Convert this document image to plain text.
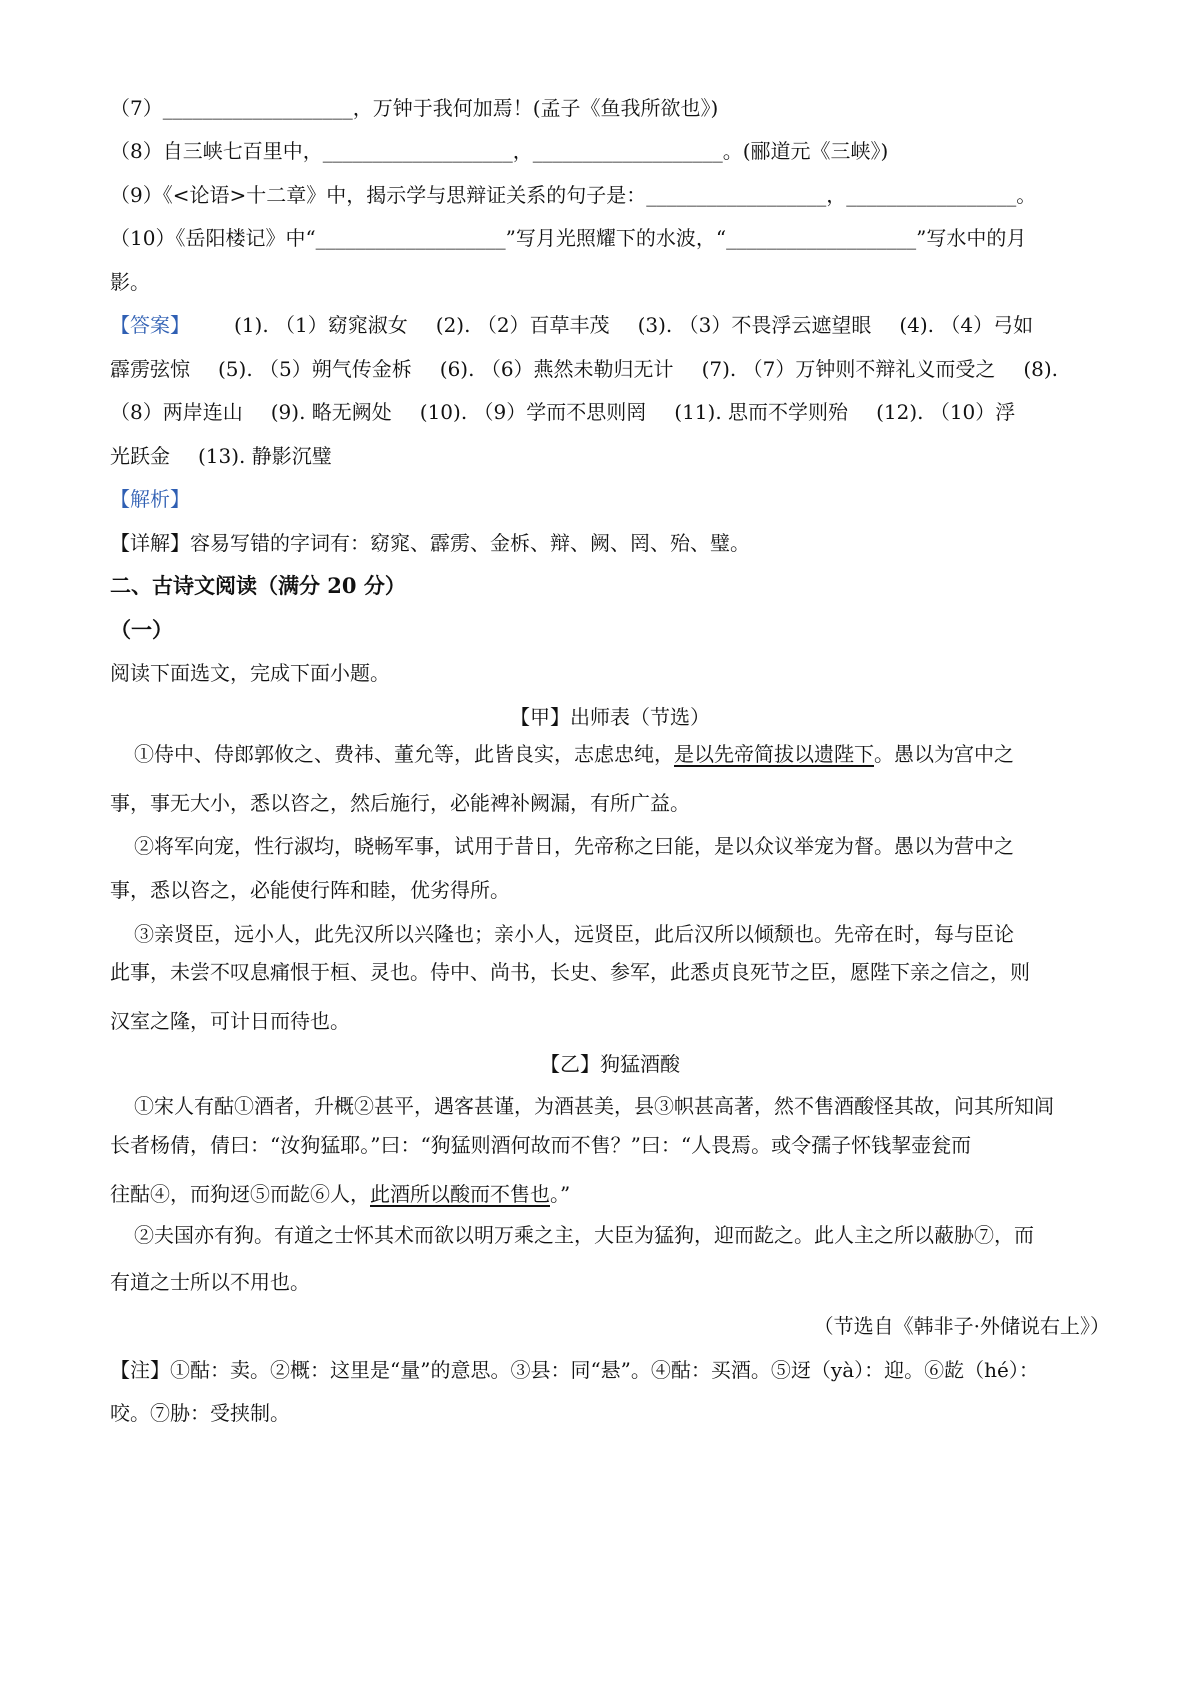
（7）___________________，万钟于我何加焉！(孟子《鱼我所欲也》)
（8）自三峡七百里中，___________________，___________________。(郦道元《三峡》)
（9）《<论语>十二章》中，揭示学与思辩证关系的句子是：__________________，_________________。
（10）《岳阳楼记》中“___________________”写月光照耀下的水波，“___________________”写水中的月
影。
【答案】 (1). （1）窈窕淑女 (2). （2）百草丰茂 (3). （3）不畏浮云遮望眼 (4). （4）弓如
霹雳弦惊 (5). （5）朔气传金柝 (6). （6）燕然未勒归无计 (7). （7）万钟则不辩礼义而受之 (8).
（8）两岸连山 (9). 略无阙处 (10). （9）学而不思则罔 (11). 思而不学则殆 (12). （10）浮
光跃金 (13). 静影沉璧
【解析】
【详解】容易写错的字词有：窈窕、霹雳、金柝、辩、阙、罔、殆、璧。
二、古诗文阅读（满分 20 分）
（一）
阅读下面选文，完成下面小题。
【甲】出师表（节选）
①侍中、侍郎郭攸之、费祎、董允等，此皆良实，志虑忠纯，是以先帝简拔以遗陛下。愚以为宫中之
事，事无大小，悉以咨之，然后施行，必能裨补阙漏，有所广益。
②将军向宠，性行淑均，晓畅军事，试用于昔日，先帝称之曰能，是以众议举宠为督。愚以为营中之
事，悉以咨之，必能使行阵和睦，优劣得所。
③亲贤臣，远小人，此先汉所以兴隆也；亲小人，远贤臣，此后汉所以倾颓也。先帝在时，每与臣论
此事，未尝不叹息痛恨于桓、灵也。侍中、尚书，长史、参军，此悉贞良死节之臣，愿陛下亲之信之，则
汉室之隆，可计日而待也。
【乙】狗猛酒酸
①宋人有酤①酒者，升概②甚平，遇客甚谨，为酒甚美，县③帜甚高著，然不售酒酸怪其故，问其所知闾
长者杨倩，倩曰：“汝狗猛耶。”曰：“狗猛则酒何故而不售？”曰：“人畏焉。或令孺子怀钱挈壶瓮而
往酤④，而狗迓⑤而龁⑥人，此酒所以酸而不售也。”
②夫国亦有狗。有道之士怀其术而欲以明万乘之主，大臣为猛狗，迎而龁之。此人主之所以蔽胁⑦，而
有道之士所以不用也。
（节选自《韩非子·外储说右上》）
【注】①酤：卖。②概：这里是“量”的意思。③县：同“悬”。④酤：买酒。⑤迓（yà）：迎。⑥龁（hé）：
咬。⑦胁：受挟制。
